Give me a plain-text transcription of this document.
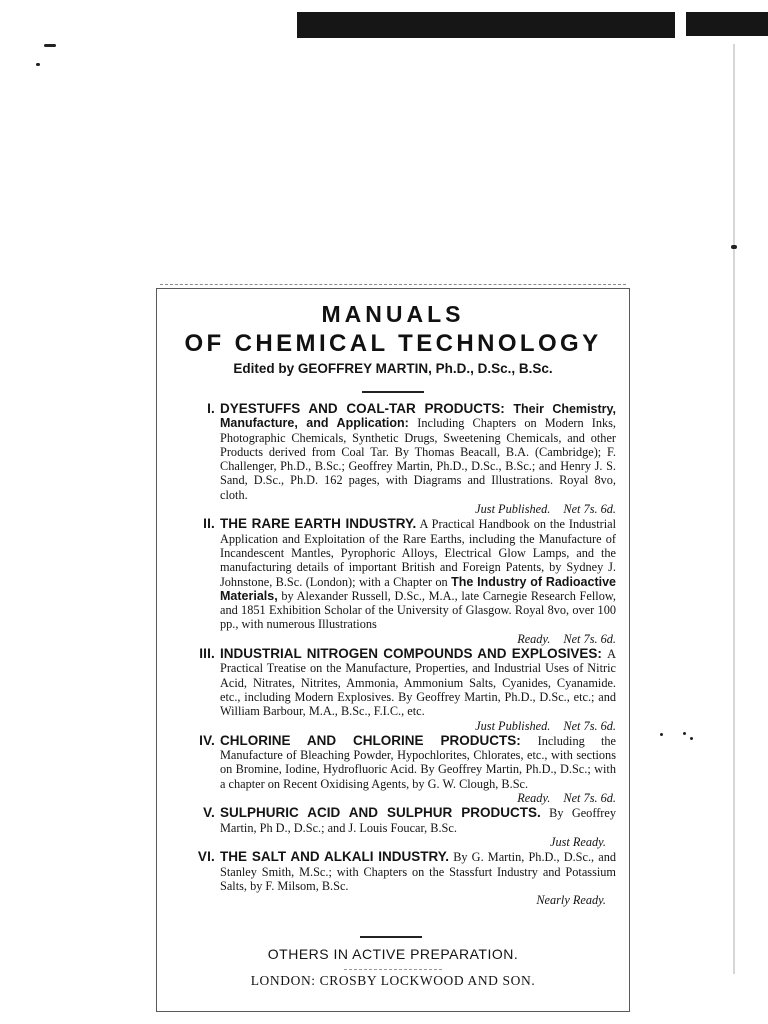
MANUALS
OF CHEMICAL TECHNOLOGY
Edited by GEOFFREY MARTIN, Ph.D., D.Sc., B.Sc.

I. DYESTUFFS AND COAL-TAR PRODUCTS: Their Chemistry, Manufacture, and Application: Including Chapters on Modern Inks, Photographic Chemicals, Synthetic Drugs, Sweetening Chemicals, and other Products derived from Coal Tar. By Thomas Beacall, B.A. (Cambridge); F. Challenger, Ph.D., B.Sc.; Geoffrey Martin, Ph.D., D.Sc., B.Sc.; and Henry J. S. Sand, D.Sc., Ph.D. 162 pages, with Diagrams and Illustrations. Royal 8vo, cloth.
Just Published. Net 7s. 6d.

II. THE RARE EARTH INDUSTRY. A Practical Handbook on the Industrial Application and Exploitation of the Rare Earths, including the Manufacture of Incandescent Mantles, Pyrophoric Alloys, Electrical Glow Lamps, and the manufacturing details of important British and Foreign Patents, by Sydney J. Johnstone, B.Sc. (London); with a Chapter on The Industry of Radioactive Materials, by Alexander Russell, D.Sc., M.A., late Carnegie Research Fellow, and 1851 Exhibition Scholar of the University of Glasgow. Royal 8vo, over 100 pp., with numerous Illustrations
Ready. Net 7s. 6d.

III. INDUSTRIAL NITROGEN COMPOUNDS AND EXPLOSIVES: A Practical Treatise on the Manufacture, Properties, and Industrial Uses of Nitric Acid, Nitrates, Nitrites, Ammonia, Ammonium Salts, Cyanides, Cyanamide. etc., including Modern Explosives. By Geoffrey Martin, Ph.D., D.Sc., etc.; and William Barbour, M.A., B.Sc., F.I.C., etc.
Just Published. Net 7s. 6d.

IV. CHLORINE AND CHLORINE PRODUCTS: Including the Manufacture of Bleaching Powder, Hypochlorites, Chlorates, etc., with sections on Bromine, Iodine, Hydrofluoric Acid. By Geoffrey Martin, Ph.D., D.Sc.; with a chapter on Recent Oxidising Agents, by G. W. Clough, B.Sc.
Ready. Net 7s. 6d.

V. SULPHURIC ACID AND SULPHUR PRODUCTS. By Geoffrey Martin, Ph D., D.Sc.; and J. Louis Foucar, B.Sc.
Just Ready.

VI. THE SALT AND ALKALI INDUSTRY. By G. Martin, Ph.D., D.Sc., and Stanley Smith, M.Sc.; with Chapters on the Stassfurt Industry and Potassium Salts, by F. Milsom, B.Sc.
Nearly Ready.

OTHERS IN ACTIVE PREPARATION.
LONDON: CROSBY LOCKWOOD AND SON.
